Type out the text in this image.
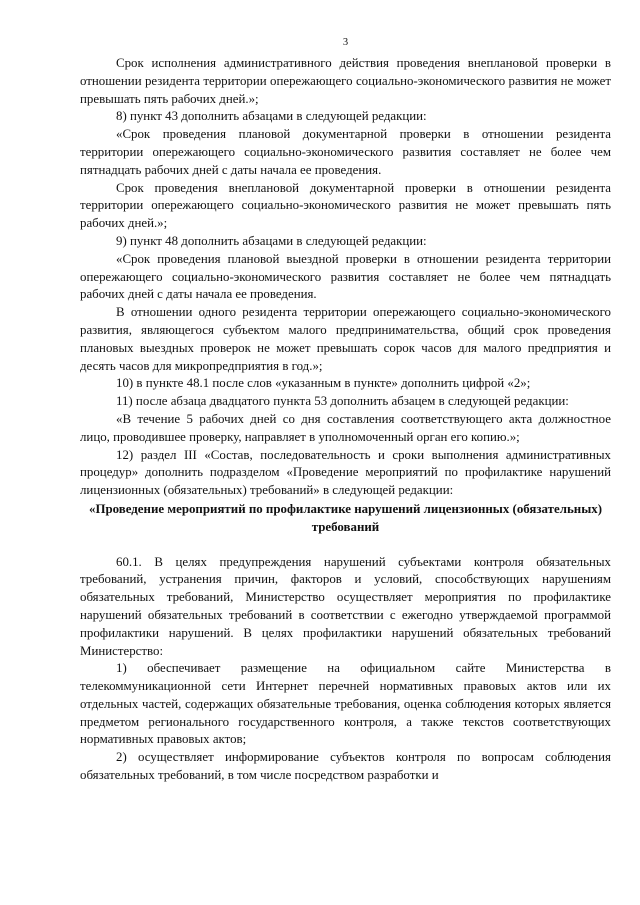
3

Срок исполнения административного действия проведения внеплановой проверки в отношении резидента территории опережающего социально-экономического развития не может превышать пять рабочих дней.»;

8) пункт 43 дополнить абзацами в следующей редакции:

«Срок проведения плановой документарной проверки в отношении резидента территории опережающего социально-экономического развития составляет не более чем пятнадцать рабочих дней с даты начала ее проведения.

Срок проведения внеплановой документарной проверки в отношении резидента территории опережающего социально-экономического развития не может превышать пять рабочих дней.»;

9) пункт 48 дополнить абзацами в следующей редакции:

«Срок проведения плановой выездной проверки в отношении резидента территории опережающего социально-экономического развития составляет не более чем пятнадцать рабочих дней с даты начала ее проведения.

В отношении одного резидента территории опережающего социально-экономического развития, являющегося субъектом малого предпринимательства, общий срок проведения плановых выездных проверок не может превышать сорок часов для малого предприятия и десять часов для микропредприятия в год.»;

10) в пункте 48.1 после слов «указанным в пункте» дополнить цифрой «2»;

11) после абзаца двадцатого пункта 53 дополнить абзацем в следующей редакции:

«В течение 5 рабочих дней со дня составления соответствующего акта должностное лицо, проводившее проверку, направляет в уполномоченный орган его копию.»;

12) раздел III «Состав, последовательность и сроки выполнения административных процедур» дополнить подразделом «Проведение мероприятий по профилактике нарушений лицензионных (обязательных) требований» в следующей редакции:

«Проведение мероприятий по профилактике нарушений лицензионных (обязательных) требований

60.1. В целях предупреждения нарушений субъектами контроля обязательных требований, устранения причин, факторов и условий, способствующих нарушениям обязательных требований, Министерство осуществляет мероприятия по профилактике нарушений обязательных требований в соответствии с ежегодно утверждаемой программой профилактики нарушений. В целях профилактики нарушений обязательных требований Министерство:

1) обеспечивает размещение на официальном сайте Министерства в телекоммуникационной сети Интернет перечней нормативных правовых актов или их отдельных частей, содержащих обязательные требования, оценка соблюдения которых является предметом регионального государственного контроля, а также текстов соответствующих нормативных правовых актов;

2) осуществляет информирование субъектов контроля по вопросам соблюдения обязательных требований, в том числе посредством разработки и
